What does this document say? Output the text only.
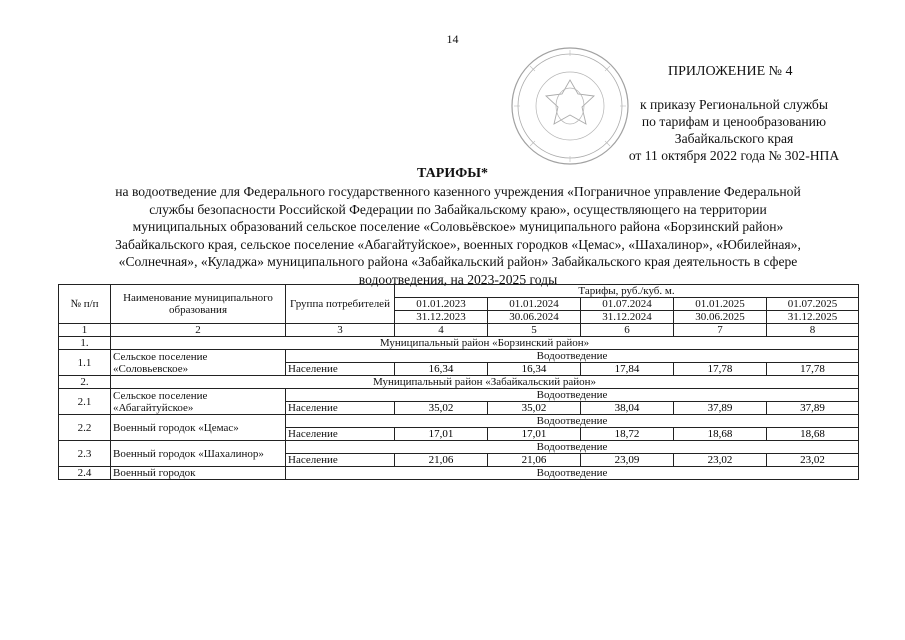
14
ПРИЛОЖЕНИЕ № 4
к приказу Региональной службы
по тарифам и ценообразованию
Забайкальского края
от 11 октября 2022 года № 302-НПА
ТАРИФЫ*
на водоотведение для Федерального государственного казенного учреждения «Пограничное управление Федеральной
службы безопасности Российской Федерации по Забайкальскому краю», осуществляющего на территории
муниципальных образований сельское поселение «Соловьёвское» муниципального района «Борзинский район»
Забайкальского края, сельское поселение «Абагайтуйское», военных городков «Цемас», «Шахалинор», «Юбилейная»,
«Солнечная», «Куладжа» муниципального района «Забайкальский район» Забайкальского края деятельность в сфере
водоотведения, на 2023-2025 годы
№ п/п	Наименование муниципального образования	Группа потребителей	Тарифы, руб./куб. м.				
			01.01.2023	01.01.2024	01.07.2024	01.01.2025	01.07.2025
			31.12.2023	30.06.2024	31.12.2024	30.06.2025	31.12.2025
1	2	3	4	5	6	7	8
1.	Муниципальный район «Борзинский район»						
1.1	Сельское поселение «Соловьевское»	Водоотведение					
		Население	16,34	16,34	17,84	17,78	17,78
2.	Муниципальный район «Забайкальский район»						
2.1	Сельское поселение «Абагайтуйское»	Водоотведение					
		Население	35,02	35,02	38,04	37,89	37,89
2.2	Военный городок «Цемас»	Водоотведение					
		Население	17,01	17,01	18,72	18,68	18,68
2.3	Военный городок «Шахалинор»	Водоотведение					
		Население	21,06	21,06	23,09	23,02	23,02
2.4	Военный городок	Водоотведение					
